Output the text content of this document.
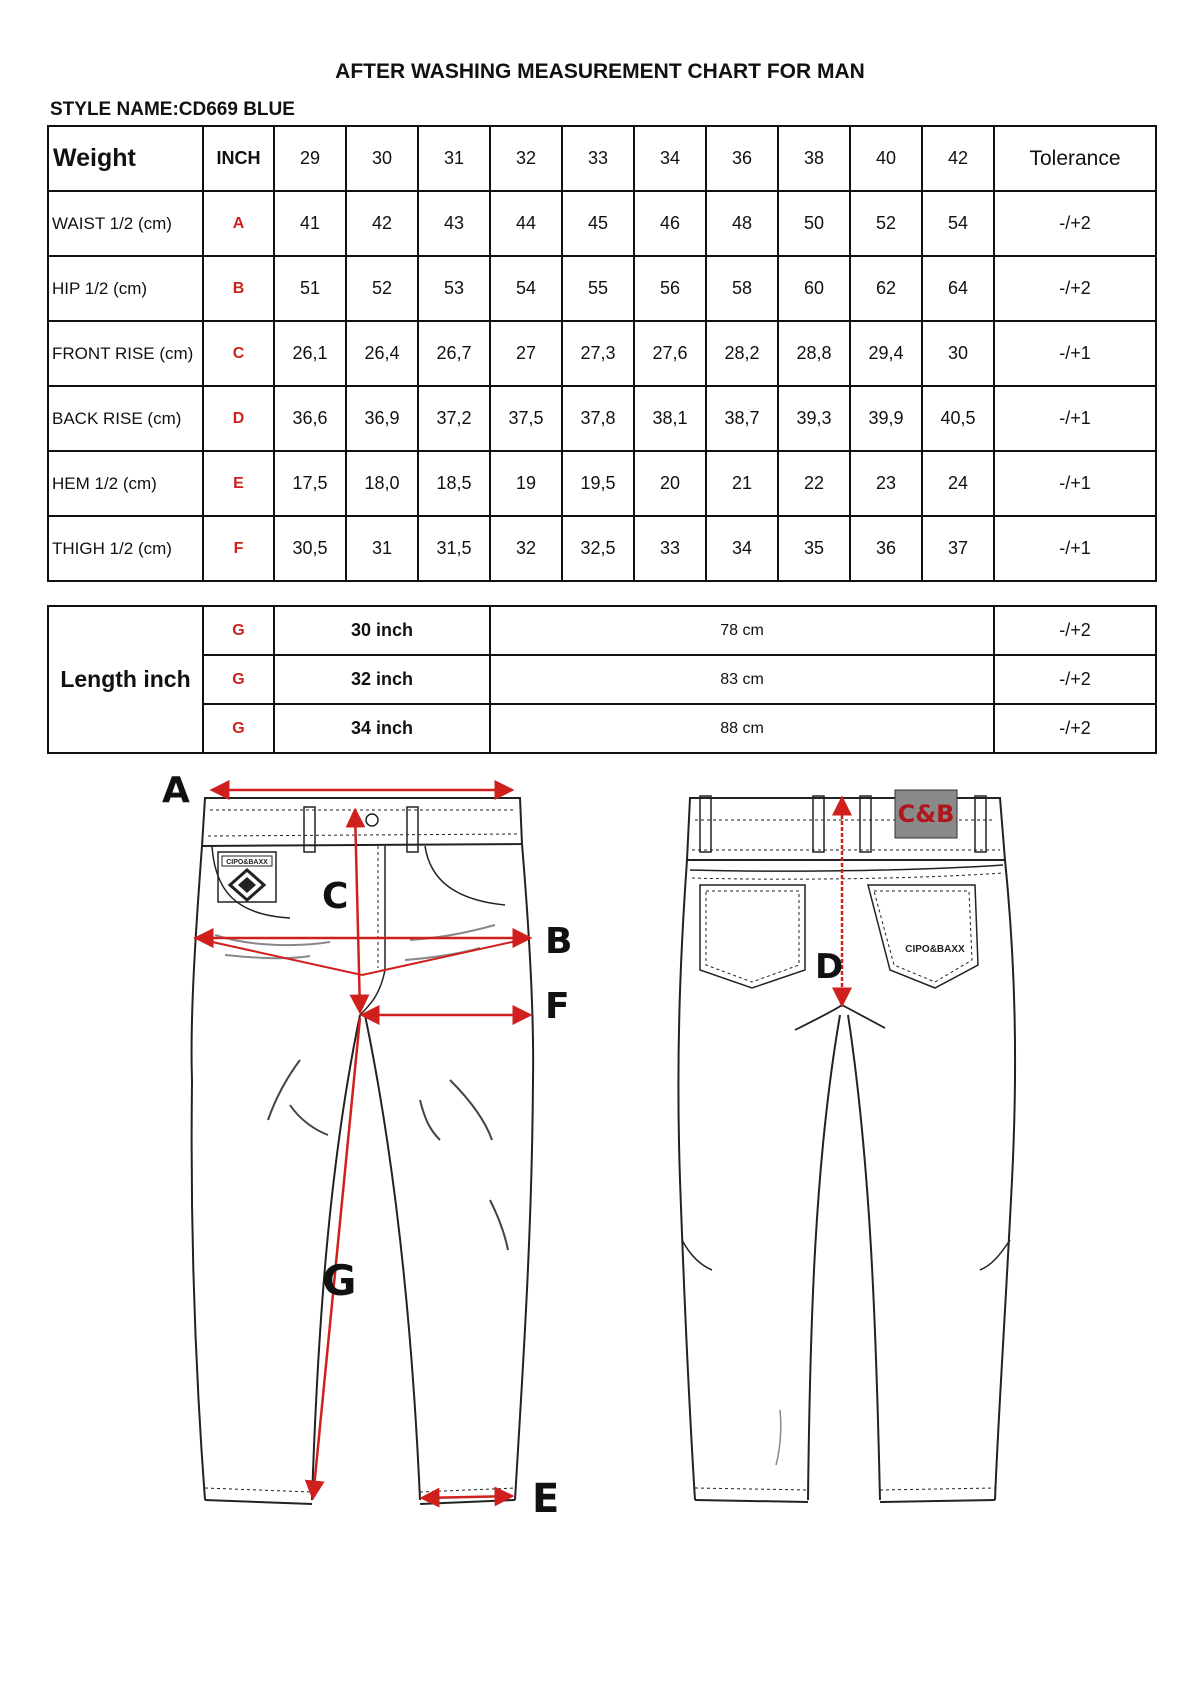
AFTER WASHING MEASUREMENT CHART FOR MAN
STYLE NAME:CD669 BLUE
Weight	INCH	29	30	31	32	33	34	36	38	40	42	Tolerance
WAIST 1/2 (cm)	A	41	42	43	44	45	46	48	50	52	54	-/+2
HIP 1/2 (cm)	B	51	52	53	54	55	56	58	60	62	64	-/+2
FRONT RISE (cm)	C	26,1	26,4	26,7	27	27,3	27,6	28,2	28,8	29,4	30	-/+1
BACK RISE (cm)	D	36,6	36,9	37,2	37,5	37,8	38,1	38,7	39,3	39,9	40,5	-/+1
HEM 1/2 (cm)	E	17,5	18,0	18,5	19	19,5	20	21	22	23	24	-/+1
THIGH 1/2 (cm)	F	30,5	31	31,5	32	32,5	33	34	35	36	37	-/+1
Length inch	G	30 inch	78 cm	-/+2
	G	32 inch	83 cm	-/+2
	G	34 inch	88 cm	-/+2
CIPO&BAXX
C&B
CIPO&BAXX
A
C
B
F
G
E
D
